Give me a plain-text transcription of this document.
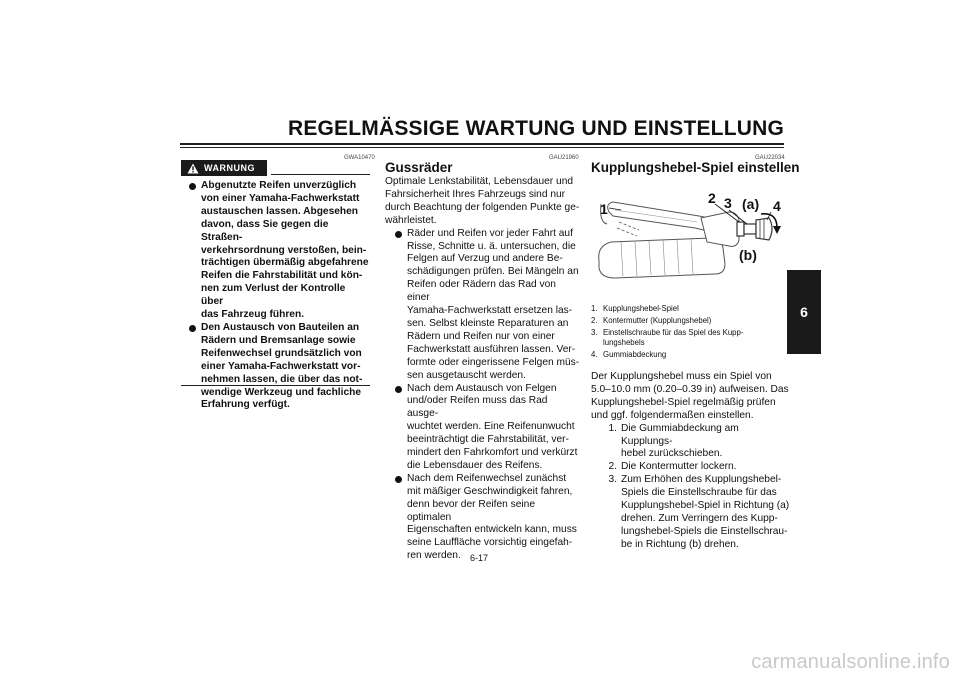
REGELMÄSSIGE WARTUNG UND EINSTELLUNG
6
GWA10470
WARNUNG

Abgenutzte Reifen unverzüglich

von einer Yamaha-Fachwerkstatt

austauschen lassen. Abgesehen

davon, dass Sie gegen die Straßen-

verkehrsordnung verstoßen, bein-

trächtigen übermäßig abgefahrene

Reifen die Fahrstabilität und kön-

nen zum Verlust der Kontrolle über

das Fahrzeug führen.

Den Austausch von Bauteilen an

Rädern und Bremsanlage sowie

Reifenwechsel grundsätzlich von

einer Yamaha-Fachwerkstatt vor-

nehmen lassen, die über das not-

wendige Werkzeug und fachliche

Erfahrung verfügt.

GAU21960
Gussräder

Optimale Lenkstabilität, Lebensdauer und

Fahrsicherheit Ihres Fahrzeugs sind nur

durch Beachtung der folgenden Punkte ge-

währleistet.

Räder und Reifen vor jeder Fahrt auf

Risse, Schnitte u. ä. untersuchen, die

Felgen auf Verzug und andere Be-

schädigungen prüfen. Bei Mängeln an

Reifen oder Rädern das Rad von einer

Yamaha-Fachwerkstatt ersetzen las-

sen. Selbst kleinste Reparaturen an

Rädern und Reifen nur von einer

Fachwerkstatt ausführen lassen. Ver-

formte oder eingerissene Felgen müs-

sen ausgetauscht werden.

Nach dem Austausch von Felgen

und/oder Reifen muss das Rad ausge-

wuchtet werden. Eine Reifenunwucht

beeinträchtigt die Fahrstabilität, ver-

mindert den Fahrkomfort und verkürzt

die Lebensdauer des Reifens.

Nach dem Reifenwechsel zunächst

mit mäßiger Geschwindigkeit fahren,

denn bevor der Reifen seine optimalen

Eigenschaften entwickeln kann, muss

seine Lauffläche vorsichtig eingefah-

ren werden.

GAU22034
Kupplungshebel-Spiel einstellen
1
2 3 (a) 4
(b)
1. Kupplungshebel-Spiel

2. Kontermutter (Kupplungshebel)

3. Einstellschraube für das Spiel des Kupp-

lungshebels

4. Gummiabdeckung

Der Kupplungshebel muss ein Spiel von

5.0–10.0 mm (0.20–0.39 in) aufweisen. Das

Kupplungshebel-Spiel regelmäßig prüfen

und ggf. folgendermaßen einstellen.

1. Die Gummiabdeckung am Kupplungs-

hebel zurückschieben.

2. Die Kontermutter lockern.

3. Zum Erhöhen des Kupplungshebel-

Spiels die Einstellschraube für das

Kupplungshebel-Spiel in Richtung (a)

drehen. Zum Verringern des Kupp-

lungshebel-Spiels die Einstellschrau-

be in Richtung (b) drehen.

6-17
carmanualsonline.info
